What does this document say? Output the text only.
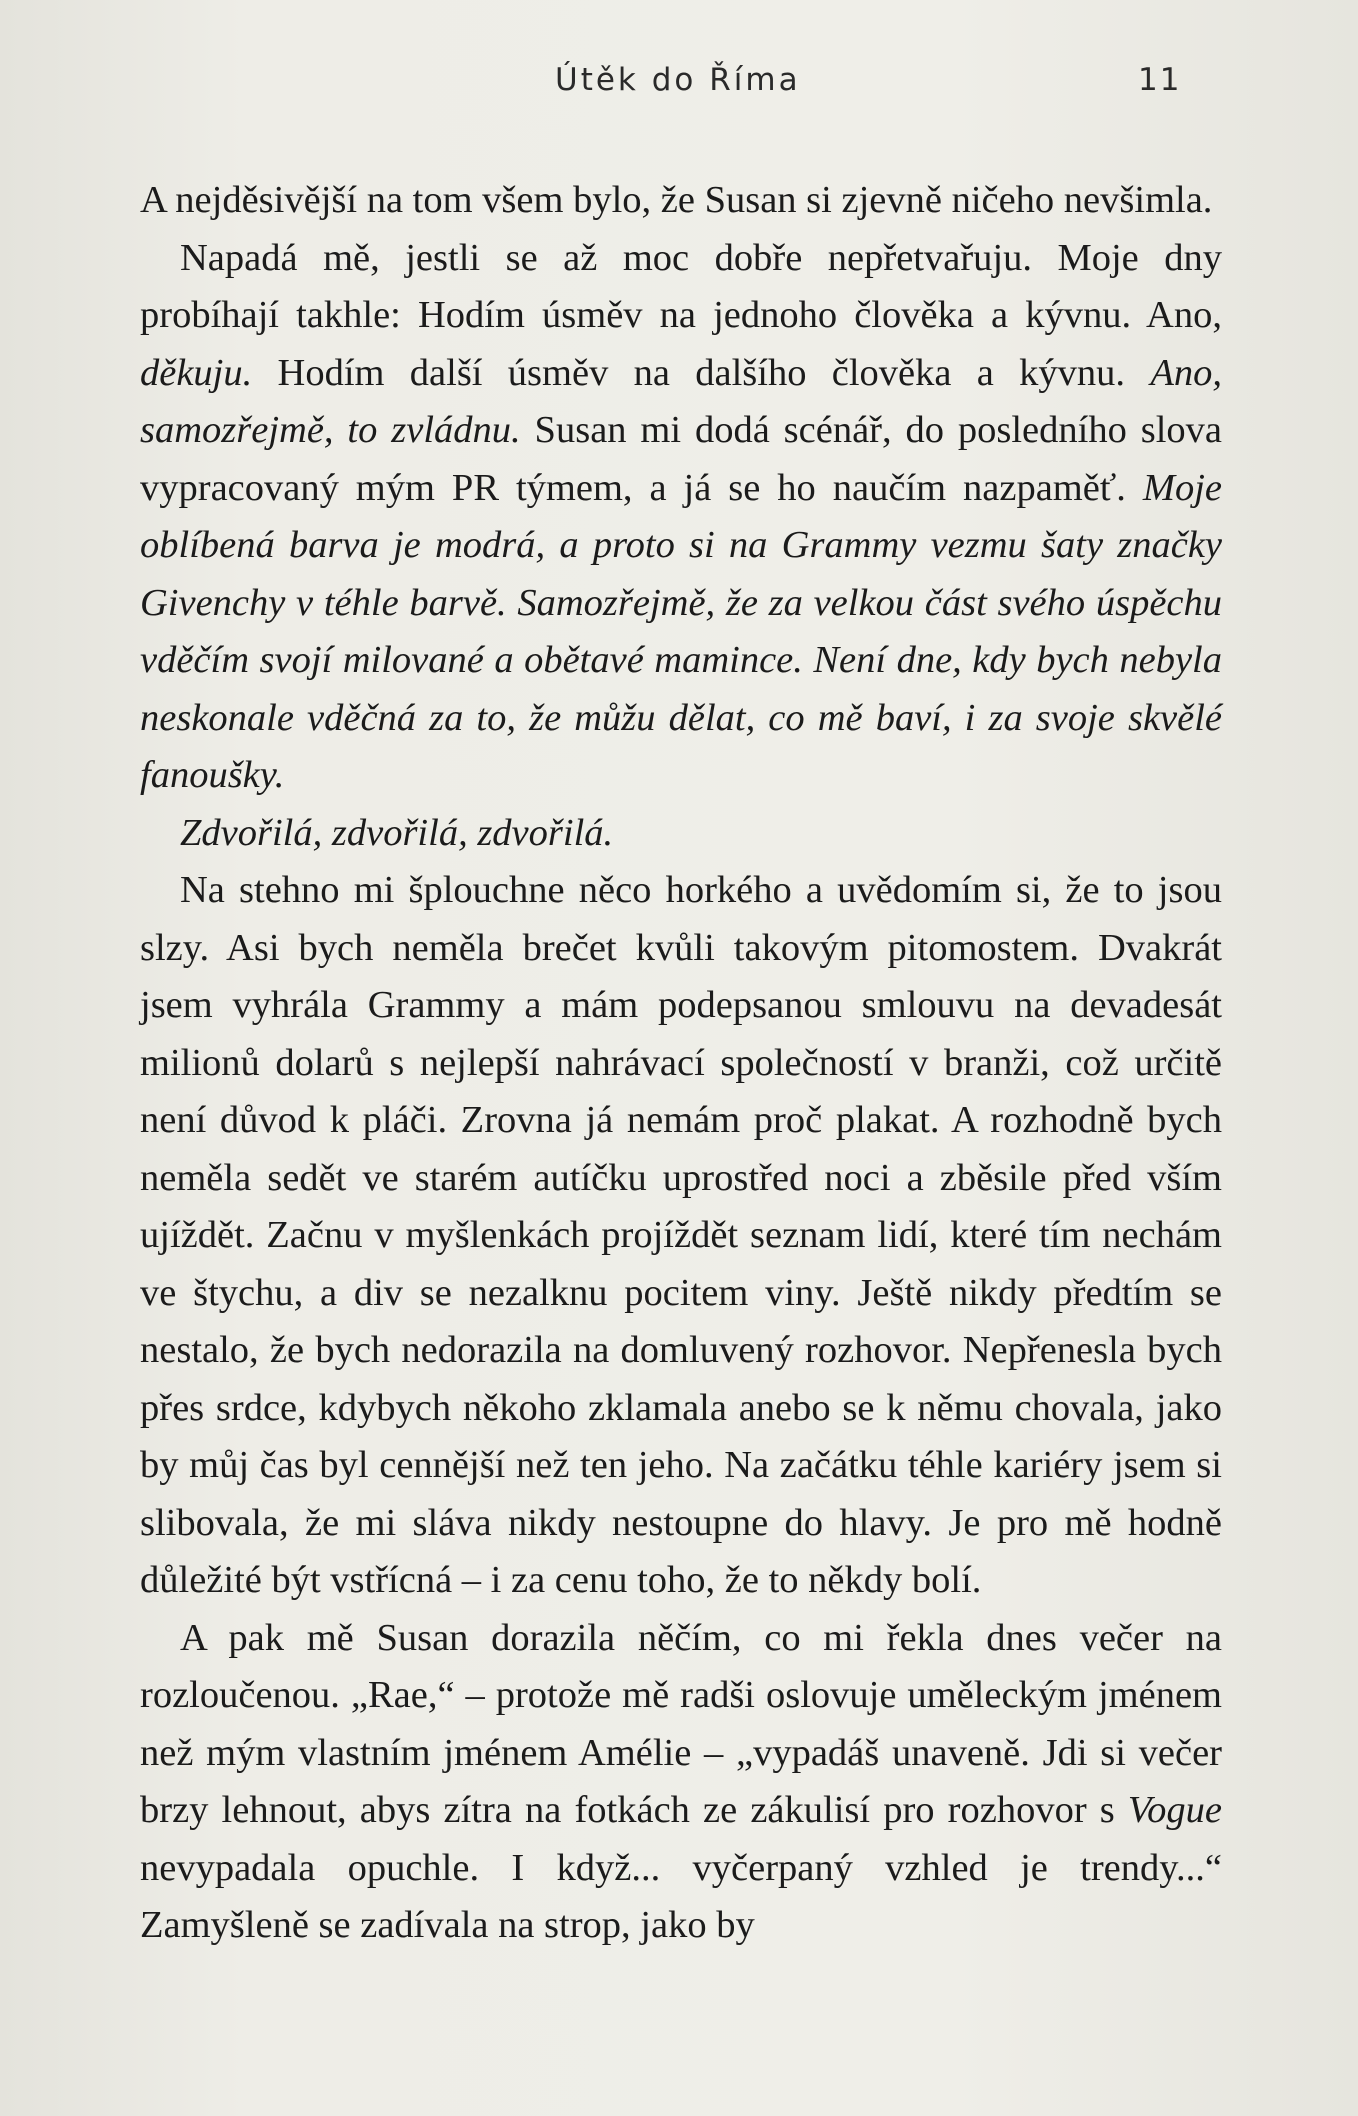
Útěk do Říma	11

A nejděsivější na tom všem bylo, že Susan si zjevně ničeho nevšimla.

Napadá mě, jestli se až moc dobře nepřetvařuju. Moje dny probíhají takhle: Hodím úsměv na jednoho člověka a kývnu. Ano, děkuju. Hodím další úsměv na dalšího člověka a kývnu. Ano, samozřejmě, to zvládnu. Susan mi dodá scénář, do posledního slova vypracovaný mým PR týmem, a já se ho naučím nazpaměť. Moje oblíbená barva je modrá, a proto si na Grammy vezmu šaty značky Givenchy v téhle barvě. Samozřejmě, že za velkou část svého úspěchu vděčím svojí milované a obětavé mamince. Není dne, kdy bych nebyla neskonale vděčná za to, že můžu dělat, co mě baví, i za svoje skvělé fanoušky.

Zdvořilá, zdvořilá, zdvořilá.

Na stehno mi šplouchne něco horkého a uvědomím si, že to jsou slzy. Asi bych neměla brečet kvůli takovým pitomostem. Dvakrát jsem vyhrála Grammy a mám podepsanou smlouvu na devadesát milionů dolarů s nejlepší nahrávací společností v branži, což určitě není důvod k pláči. Zrovna já nemám proč plakat. A rozhodně bych neměla sedět ve starém autíčku uprostřed noci a zběsile před vším ujíždět. Začnu v myšlenkách projíždět seznam lidí, které tím nechám ve štychu, a div se nezalknu pocitem viny. Ještě nikdy předtím se nestalo, že bych nedorazila na domluvený rozhovor. Nepřenesla bych přes srdce, kdybych někoho zklamala anebo se k němu chovala, jako by můj čas byl cennější než ten jeho. Na začátku téhle kariéry jsem si slibovala, že mi sláva nikdy nestoupne do hlavy. Je pro mě hodně důležité být vstřícná – i za cenu toho, že to někdy bolí.

A pak mě Susan dorazila něčím, co mi řekla dnes večer na rozloučenou. „Rae,“ – protože mě radši oslovuje uměleckým jménem než mým vlastním jménem Amélie – „vypadáš unaveně. Jdi si večer brzy lehnout, abys zítra na fotkách ze zákulisí pro rozhovor s Vogue nevypadala opuchle. I když... vyčerpaný vzhled je trendy...“ Zamyšleně se zadívala na strop, jako by
